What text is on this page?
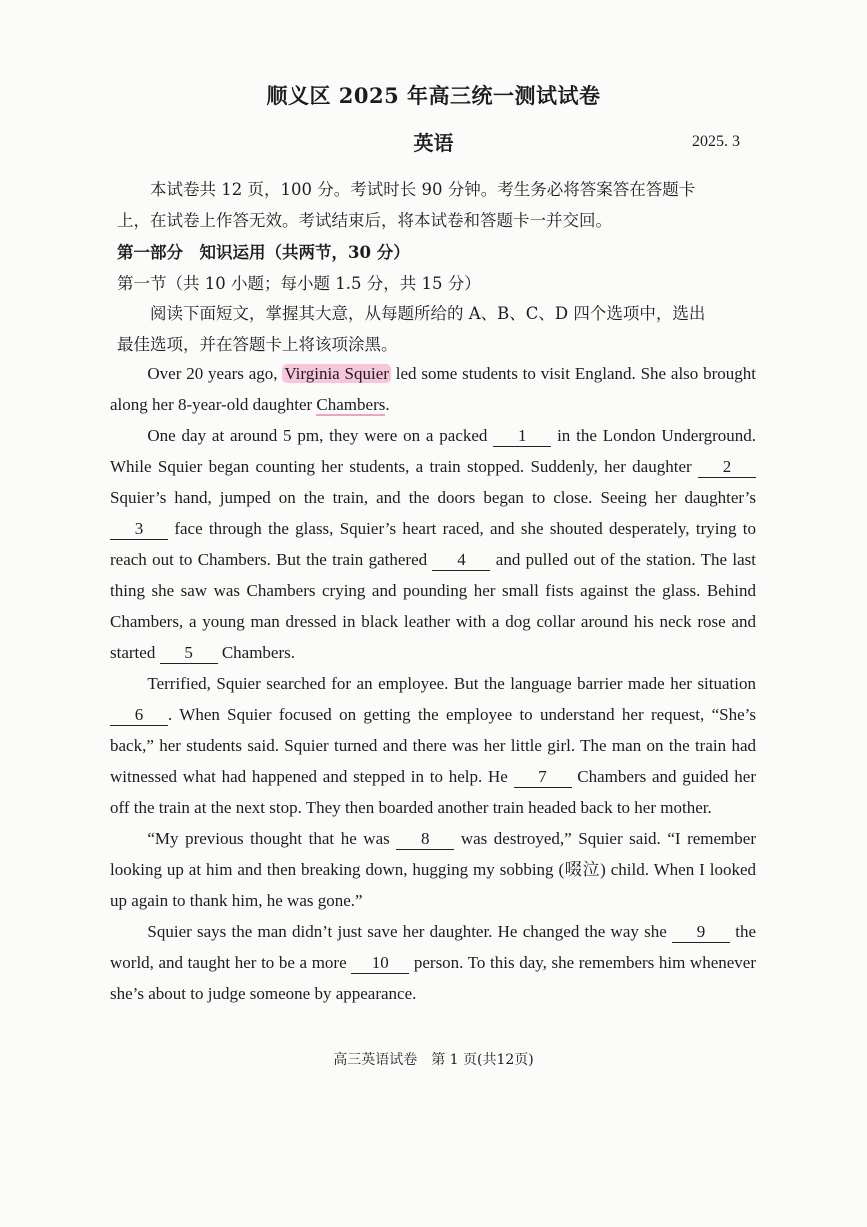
顺义区 2025 年高三统一测试试卷
英语	2025. 3
本试卷共 12 页，100 分。考试时长 90 分钟。考生务必将答案答在答题卡
上，在试卷上作答无效。考试结束后，将本试卷和答题卡一并交回。
第一部分　知识运用（共两节，30 分）
第一节（共 10 小题；每小题 1.5 分，共 15 分）
阅读下面短文，掌握其大意，从每题所给的 A、B、C、D 四个选项中，选出
最佳选项，并在答题卡上将该项涂黑。

Over 20 years ago, Virginia Squier led some students to visit England. She also brought along her 8-year-old daughter Chambers.

One day at around 5 pm, they were on a packed 1 in the London Underground. While Squier began counting her students, a train stopped. Suddenly, her daughter 2 Squier’s hand, jumped on the train, and the doors began to close. Seeing her daughter’s 3 face through the glass, Squier’s heart raced, and she shouted desperately, trying to reach out to Chambers. But the train gathered 4 and pulled out of the station. The last thing she saw was Chambers crying and pounding her small fists against the glass. Behind Chambers, a young man dressed in black leather with a dog collar around his neck rose and started 5 Chambers.

Terrified, Squier searched for an employee. But the language barrier made her situation 6 . When Squier focused on getting the employee to understand her request, “She’s back,” her students said. Squier turned and there was her little girl. The man on the train had witnessed what had happened and stepped in to help. He 7 Chambers and guided her off the train at the next stop. They then boarded another train headed back to her mother.

“My previous thought that he was 8 was destroyed,” Squier said. “I remember looking up at him and then breaking down, hugging my sobbing (啜泣) child. When I looked up again to thank him, he was gone.”

Squier says the man didn’t just save her daughter. He changed the way she 9 the world, and taught her to be a more 10 person. To this day, she remembers him whenever she’s about to judge someone by appearance.

高三英语试卷　第 1 页(共12页)
